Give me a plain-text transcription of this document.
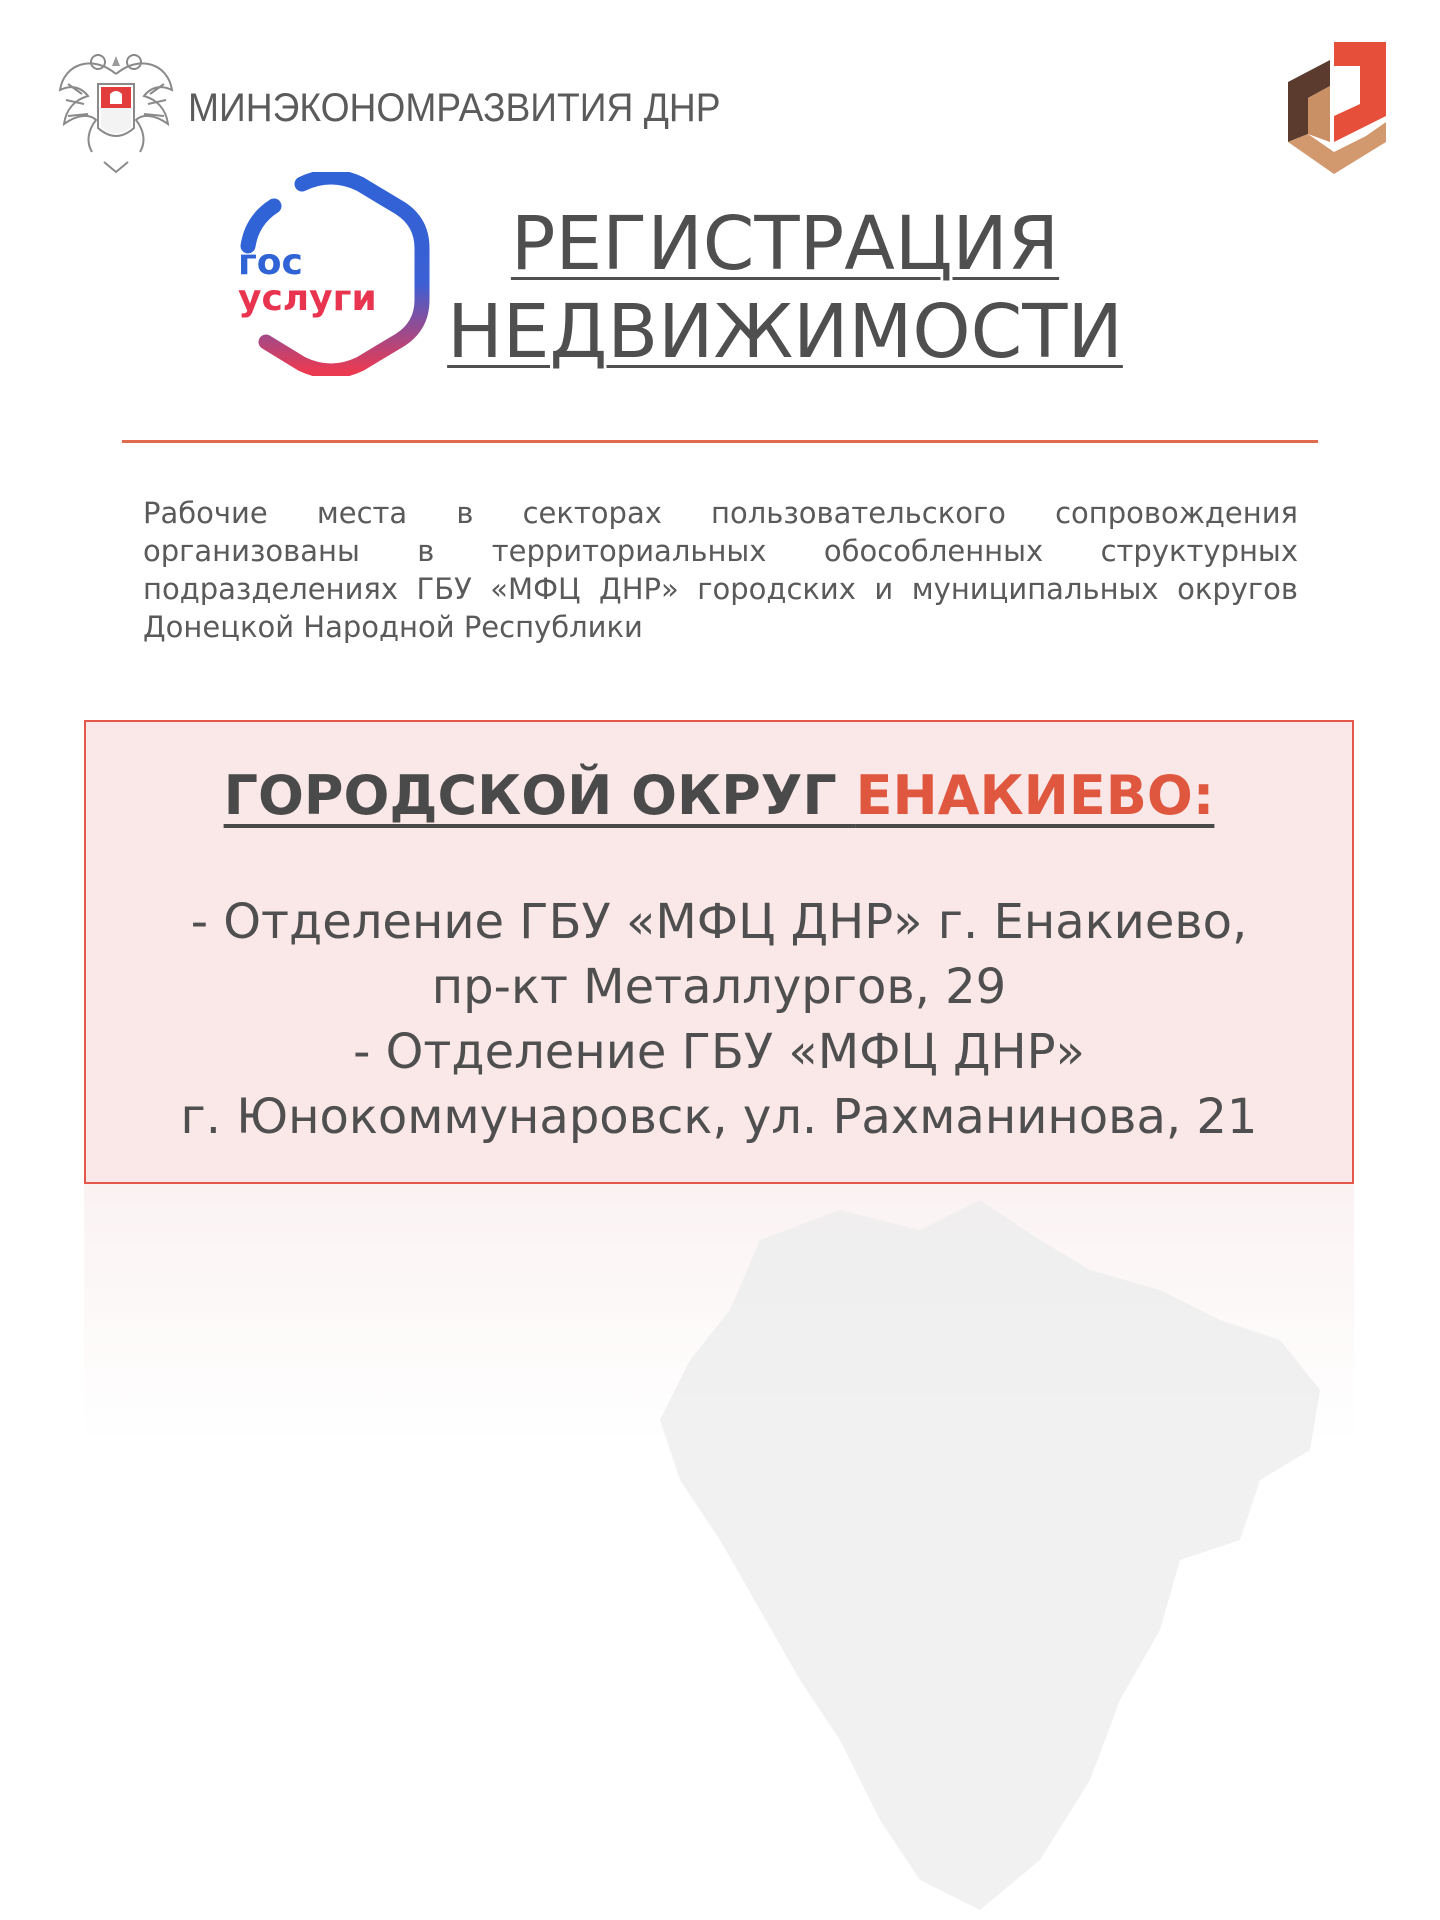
МИНЭКОНОМРАЗВИТИЯ ДНР
гос
услуги
РЕГИСТРАЦИЯ
НЕДВИЖИМОСТИ
Рабочие места в секторах пользовательского сопровождения организованы в территориальных обособленных структурных подразделениях ГБУ «МФЦ ДНР» городских и муниципальных округов Донецкой Народной Республики
ГОРОДСКОЙ ОКРУГ ЕНАКИЕВО:
- Отделение ГБУ «МФЦ ДНР» г. Енакиево,
пр-кт Металлургов, 29
- Отделение ГБУ «МФЦ ДНР»
г. Юнокоммунаровск, ул. Рахманинова, 21
